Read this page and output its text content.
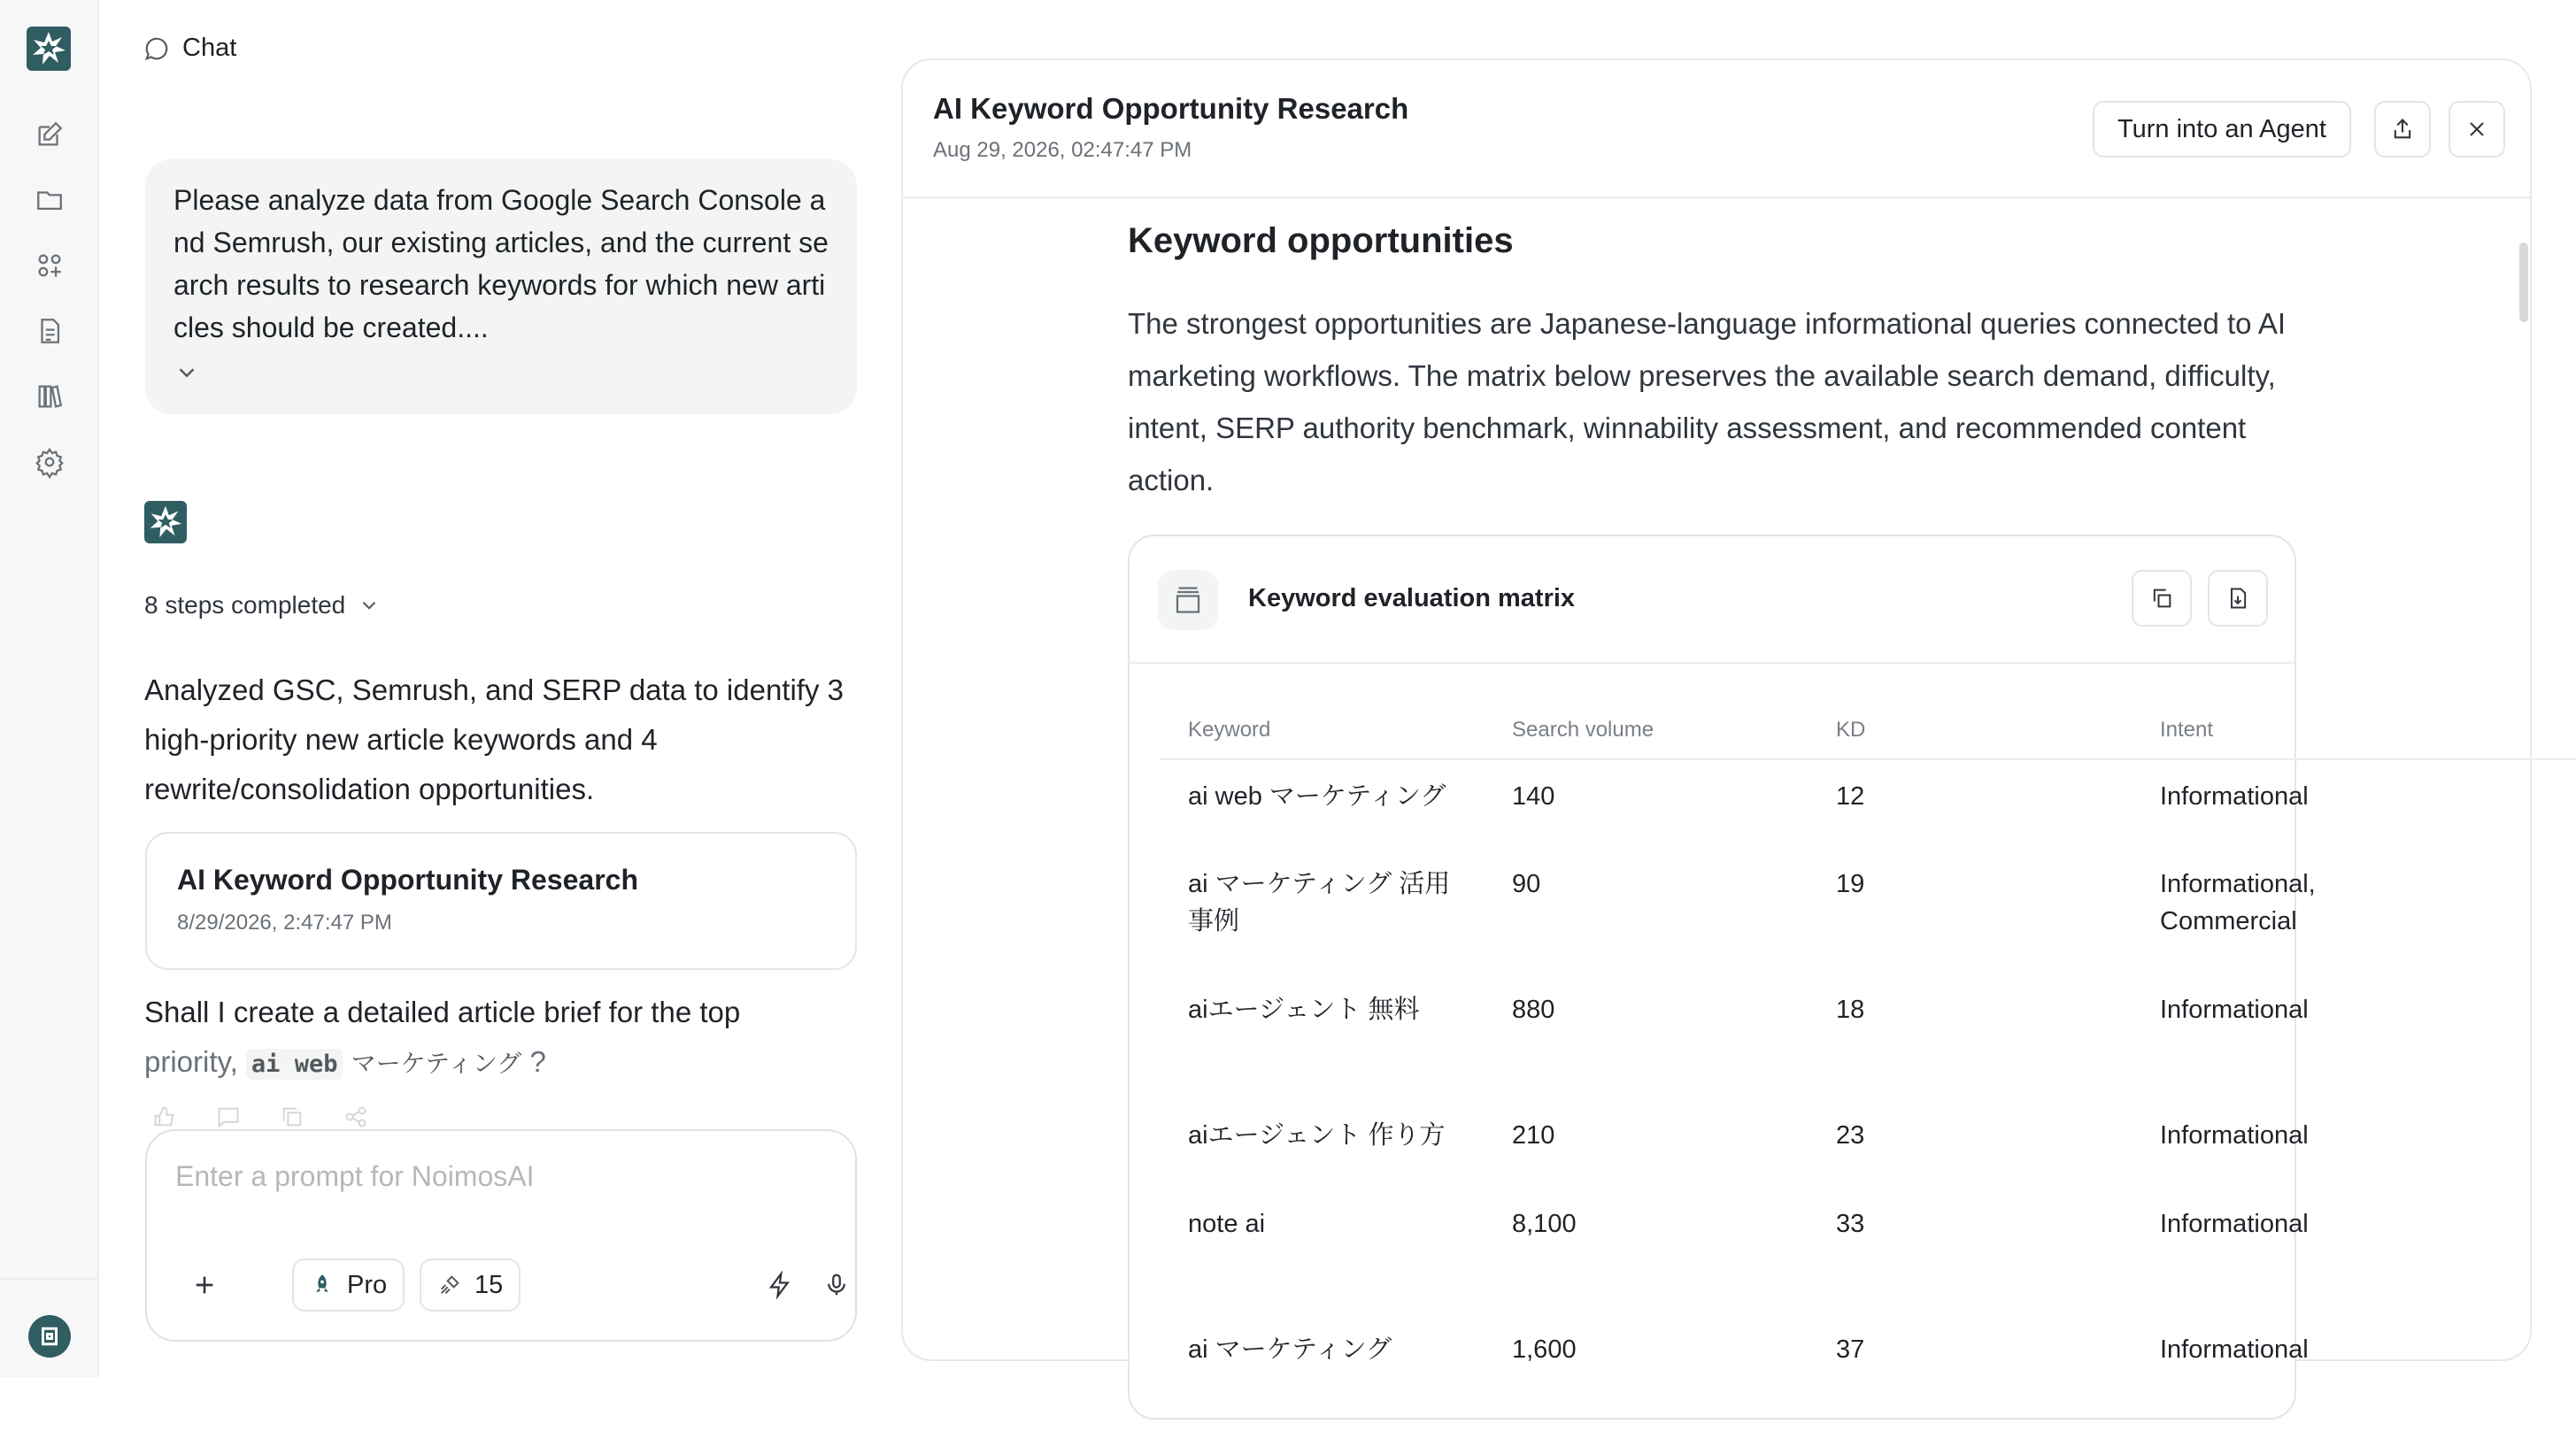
Chat
Please analyze data from Google Search Console and Semrush, our existing articles, and the current search results to research keywords for which new articles should be created....
8 steps completed
Analyzed GSC, Semrush, and SERP data to identify 3 high-priority new article keywords and 4 rewrite/consolidation opportunities.
AI Keyword Opportunity Research
8/29/2026, 2:47:47 PM
Shall I create a detailed article brief for the top
priority, ai web マーケティング ?
Enter a prompt for NoimosAI
Pro	15
AI Keyword Opportunity Research
Aug 29, 2026, 02:47:47 PM
Turn into an Agent
Keyword opportunities
The strongest opportunities are Japanese-language informational queries connected to AI marketing workflows. The matrix below preserves the available search demand, difficulty, intent, SERP authority benchmark, winnability assessment, and recommended content action.
Keyword evaluation matrix
Keyword	Search volume	KD	Intent
ai web マーケティング	140	12	Informational
ai マーケティング 活用
事例	90	19	Informational,
Commercial
aiエージェント 無料	880	18	Informational
aiエージェント 作り方	210	23	Informational
note ai	8,100	33	Informational
ai マーケティング	1,600	37	Informational
